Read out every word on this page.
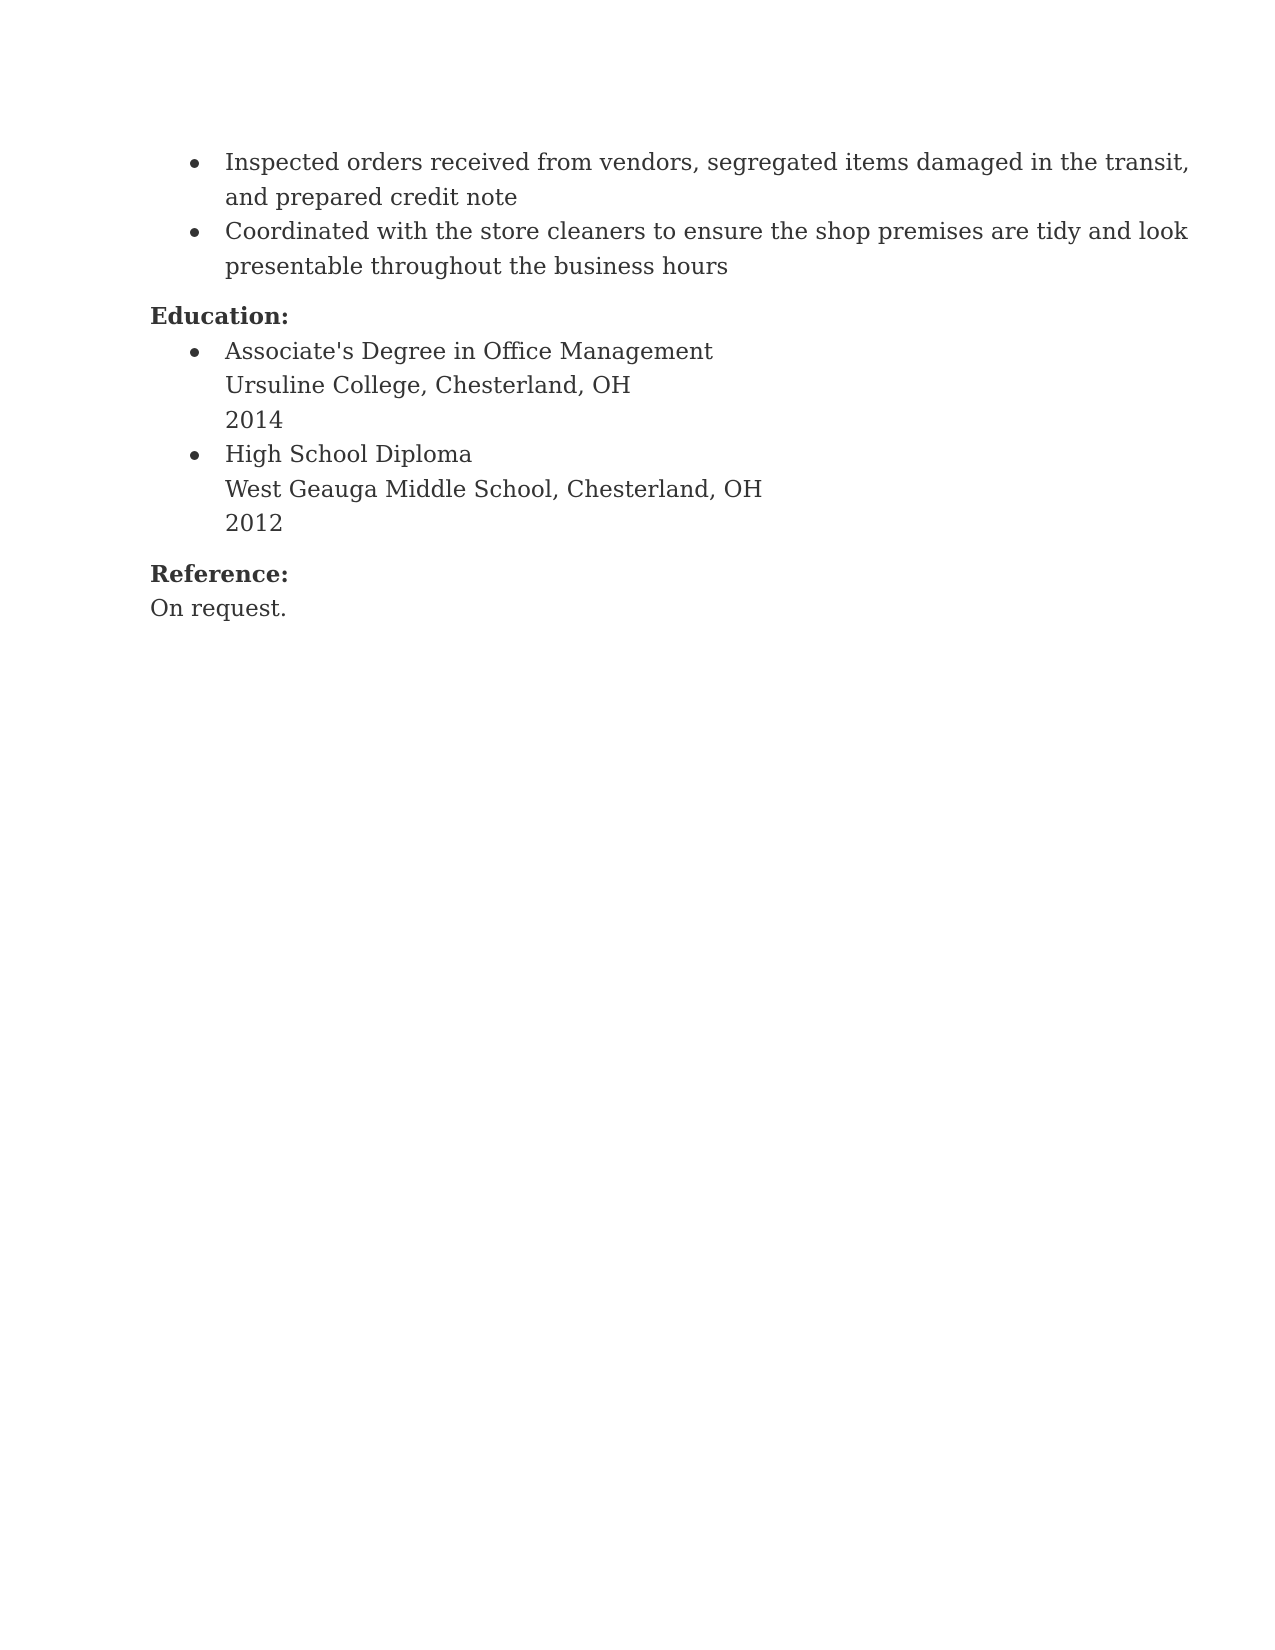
Inspected orders received from vendors, segregated items damaged in the transit,
and prepared credit note
Coordinated with the store cleaners to ensure the shop premises are tidy and look
presentable throughout the business hours
Education:
Associate's Degree in Office Management
Ursuline College, Chesterland, OH
2014
High School Diploma
West Geauga Middle School, Chesterland, OH
2012
Reference:
On request.
